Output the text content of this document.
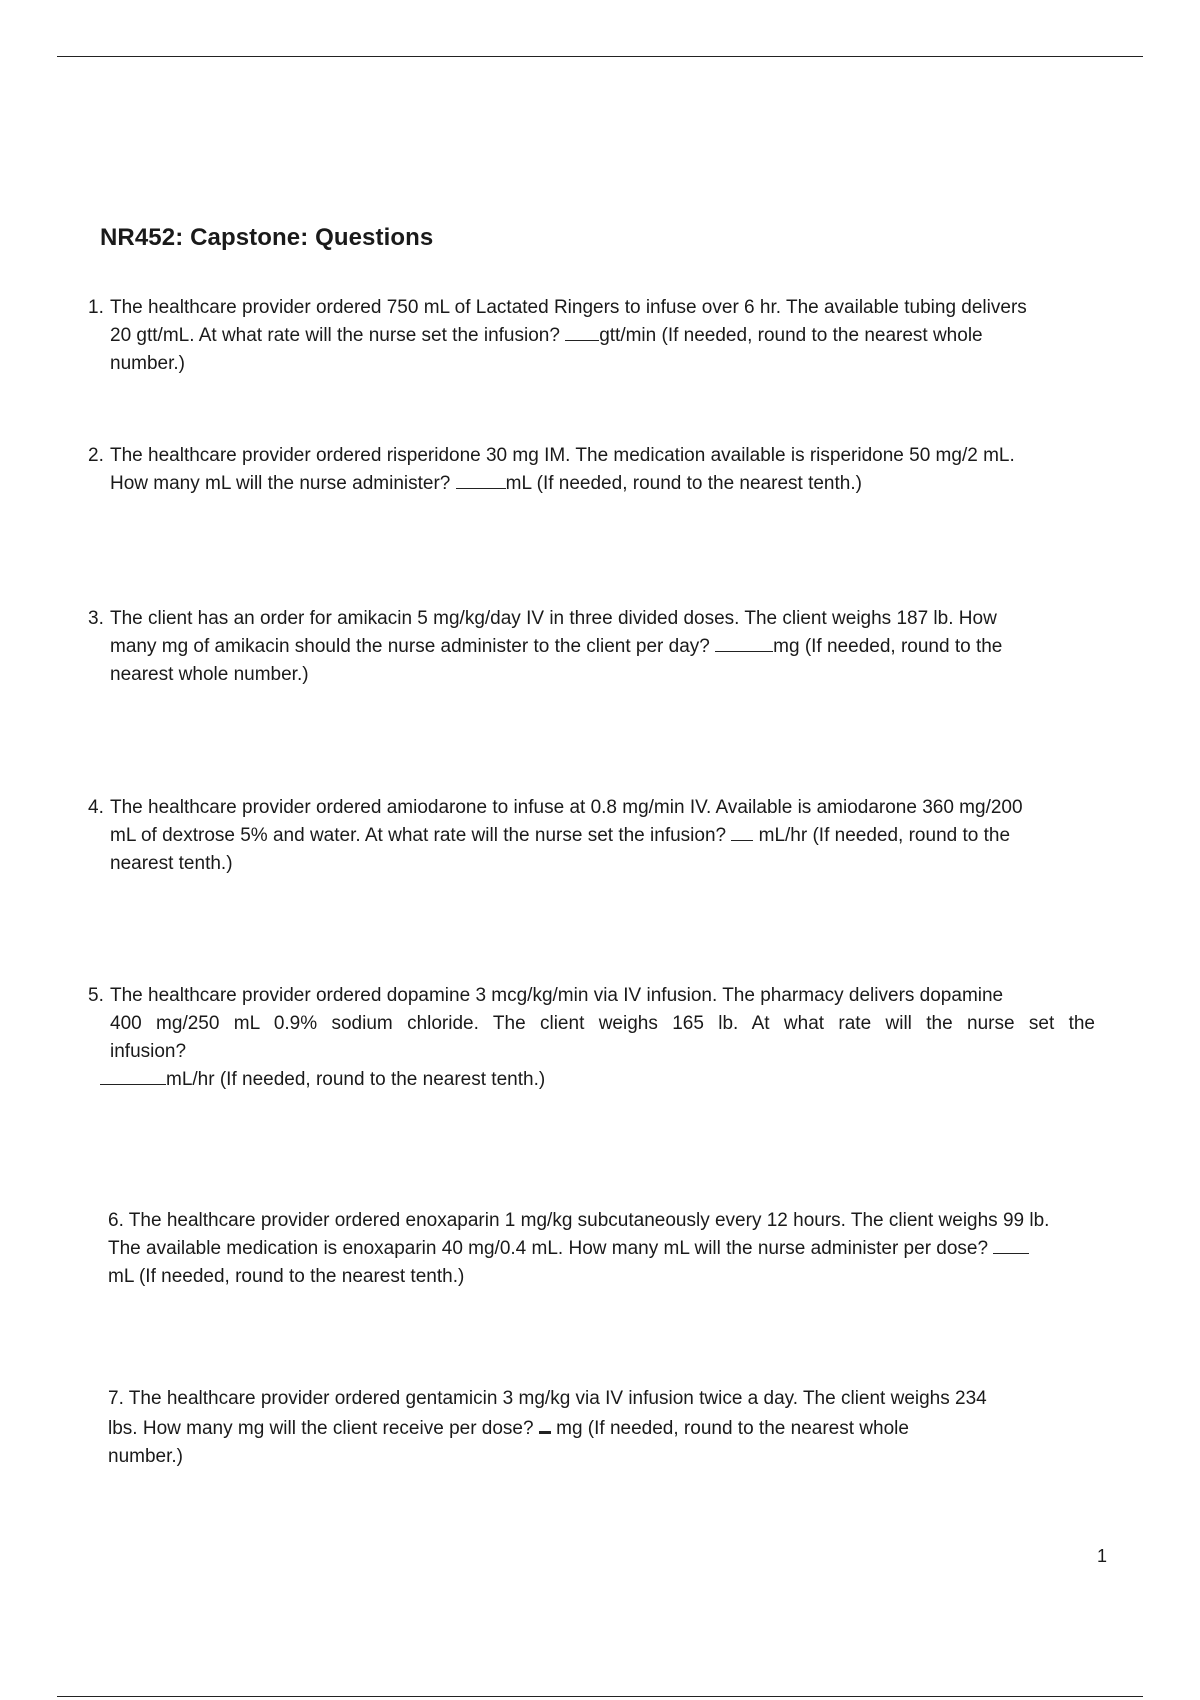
NR452: Capstone: Questions
1. The healthcare provider ordered 750 mL of Lactated Ringers to infuse over 6 hr. The available tubing delivers
20 gtt/mL. At what rate will the nurse set the infusion? gtt/min (If needed, round to the nearest whole
number.)
2. The healthcare provider ordered risperidone 30 mg IM. The medication available is risperidone 50 mg/2 mL.
How many mL will the nurse administer?	mL (If needed, round to the nearest tenth.)
3. The client has an order for amikacin 5 mg/kg/day IV in three divided doses. The client weighs 187 lb. How
many mg of amikacin should the nurse administer to the client per day?	mg (If needed, round to the
nearest whole number.)
4. The healthcare provider ordered amiodarone to infuse at 0.8 mg/min IV. Available is amiodarone 360 mg/200
mL of dextrose 5% and water. At what rate will the nurse set the infusion?  mL/hr (If needed, round to the
nearest tenth.)
5. The healthcare provider ordered dopamine 3 mcg/kg/min via IV infusion. The pharmacy delivers dopamine
400 mg/250 mL 0.9% sodium chloride. The client weighs 165 lb. At what rate will the nurse set the
infusion?
mL/hr (If needed, round to the nearest tenth.)
6. The healthcare provider ordered enoxaparin 1 mg/kg subcutaneously every 12 hours. The client weighs 99 lb.
The available medication is enoxaparin 40 mg/0.4 mL. How many mL will the nurse administer per dose?
mL (If needed, round to the nearest tenth.)
7. The healthcare provider ordered gentamicin 3 mg/kg via IV infusion twice a day. The client weighs 234
lbs. How many mg will the client receive per dose?  mg (If needed, round to the nearest whole
number.)
1
